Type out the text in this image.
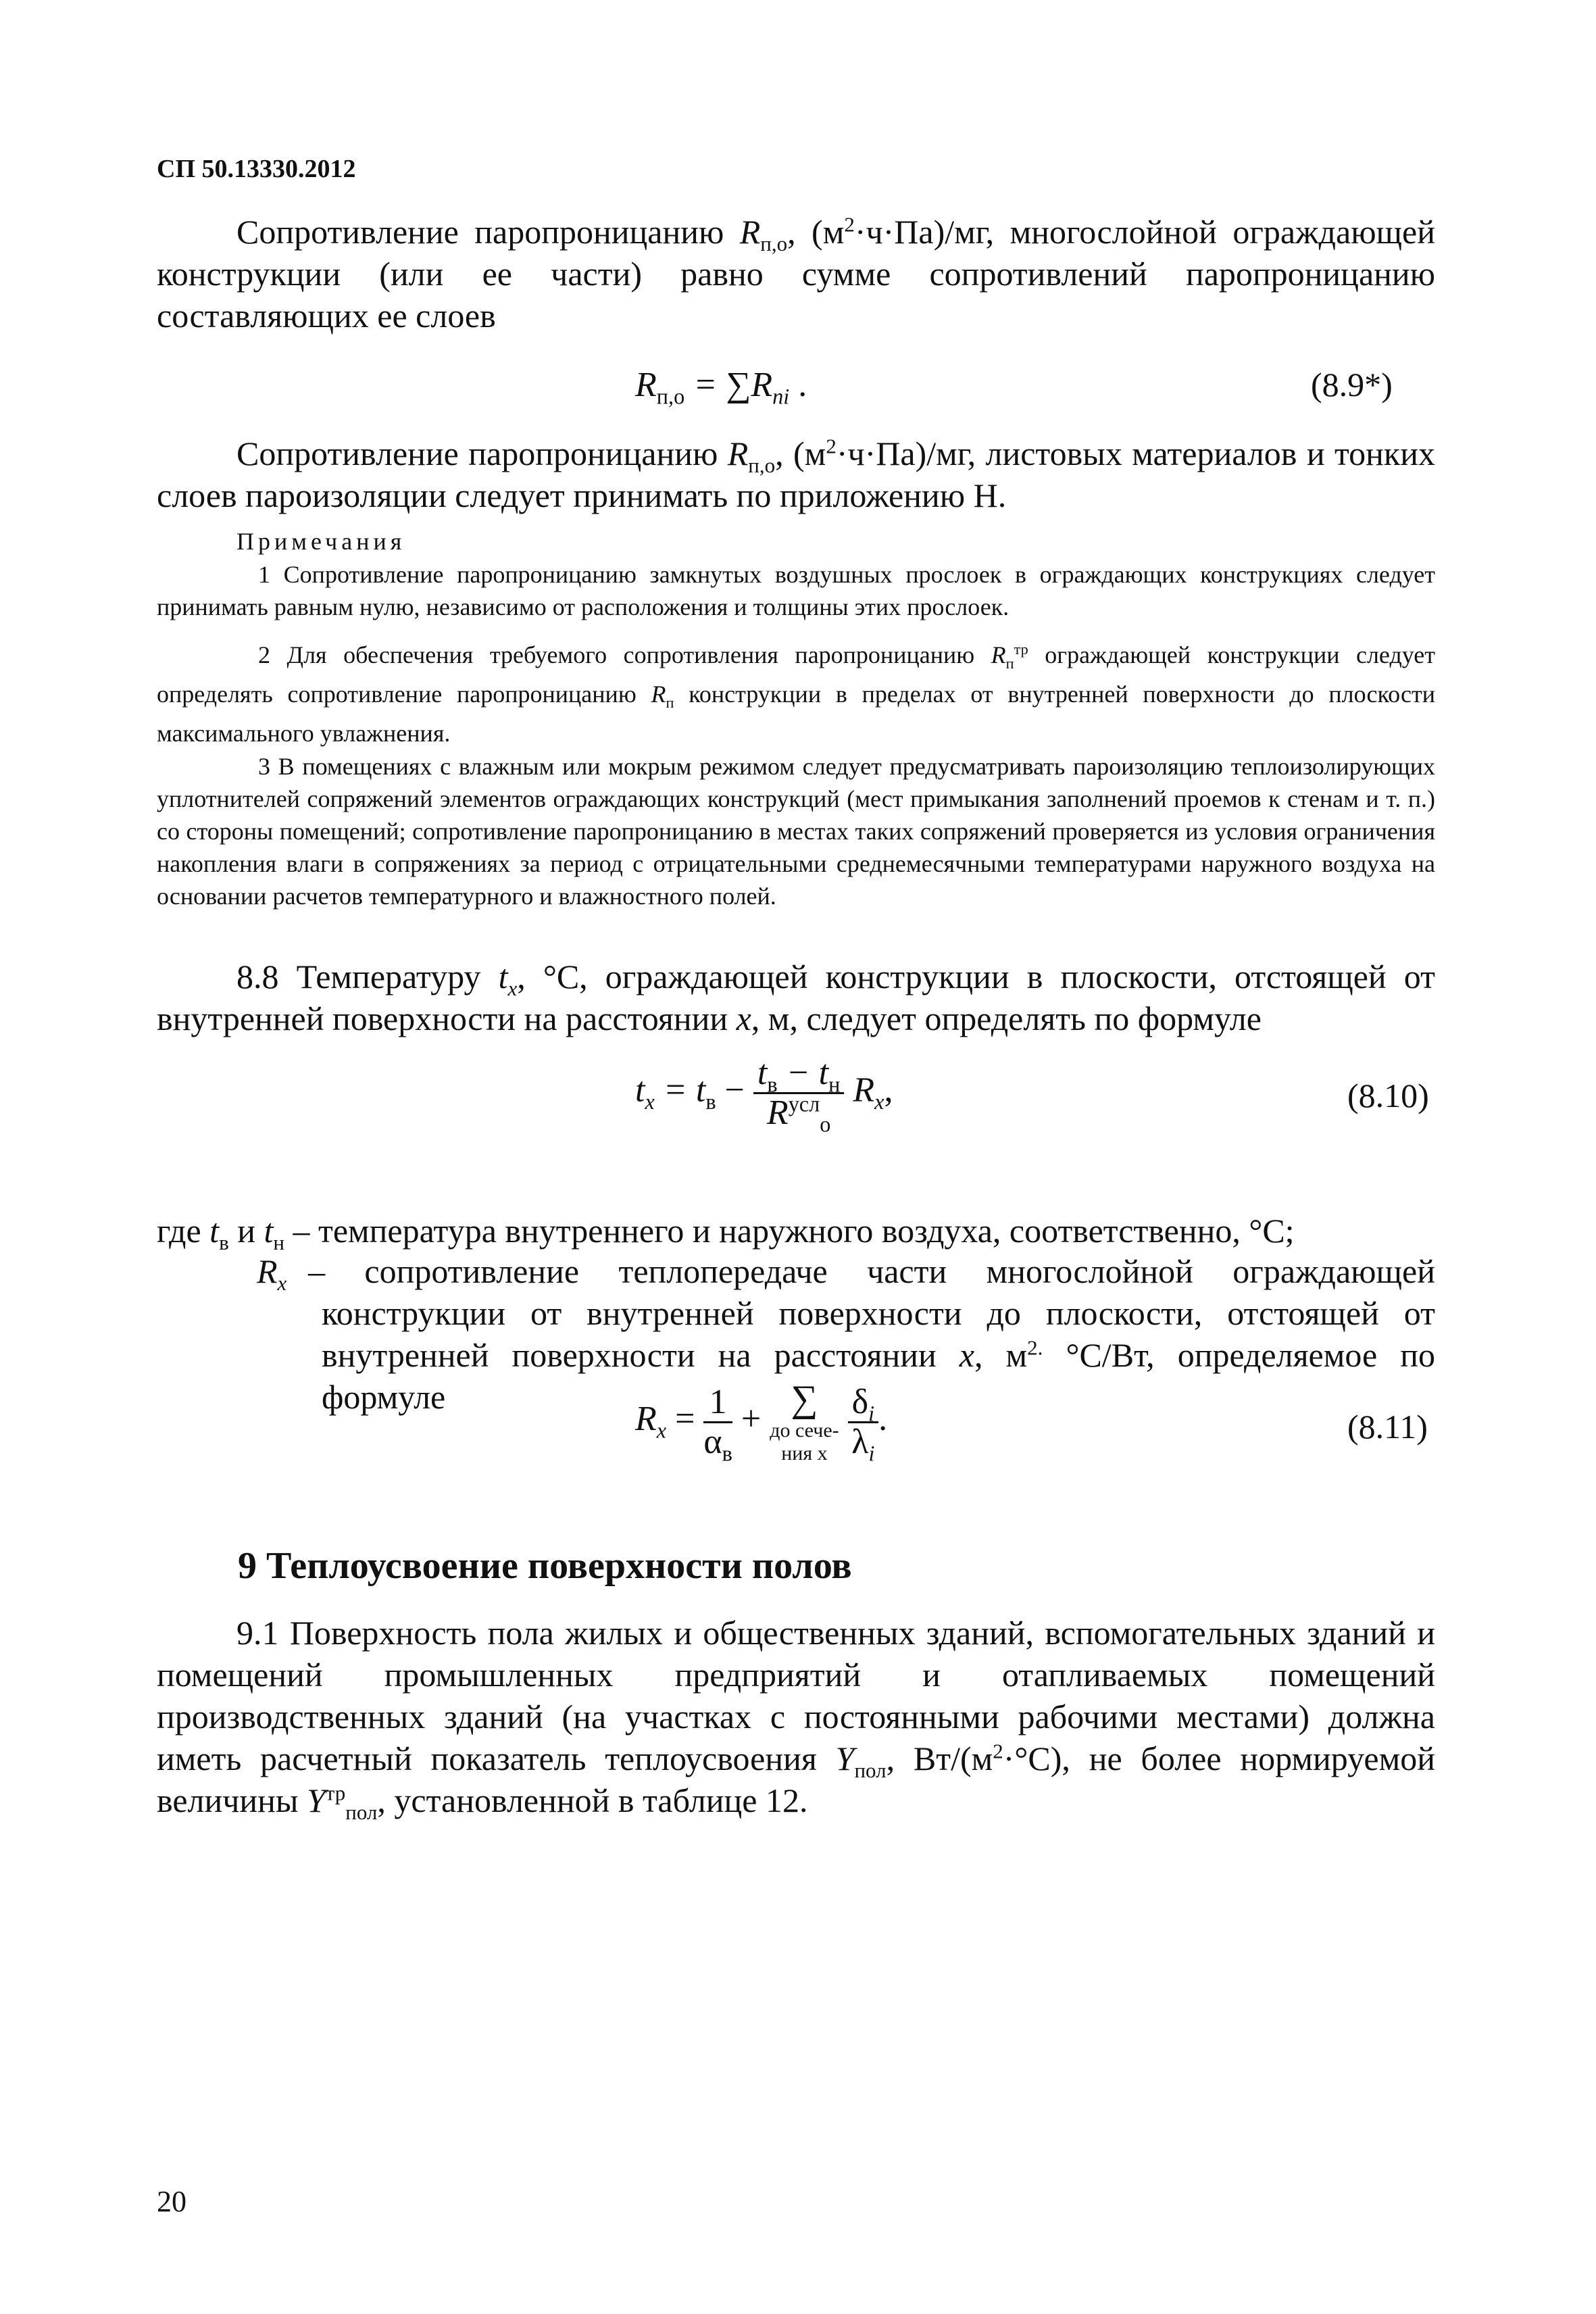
СП 50.13330.2012
Сопротивление паропроницанию $R_{п,о}$, $(м^2\cdot ч\cdot Па)/мг$, многослойной ограждающей конструкции (или ее части) равно сумме сопротивлений паропроницанию составляющих ее слоев
$R_{п,о} = \sum R_{ni}$ .	(8.9*)
Сопротивление паропроницанию $R_{п,о}$, $(м^2\cdot ч\cdot Па)/мг$, листовых материалов и тонких слоев пароизоляции следует принимать по приложению Н.
Примечания
1 Сопротивление паропроницанию замкнутых воздушных прослоек в ограждающих конструкциях следует принимать равным нулю, независимо от расположения и толщины этих прослоек.
2 Для обеспечения требуемого сопротивления паропроницанию $R_п^{тр}$ ограждающей конструкции следует определять сопротивление паропроницанию $R_п$ конструкции в пределах от внутренней поверхности до плоскости максимального увлажнения.
3 В помещениях с влажным или мокрым режимом следует предусматривать пароизоляцию теплоизолирующих уплотнителей сопряжений элементов ограждающих конструкций (мест примыкания заполнений проемов к стенам и т. п.) со стороны помещений; сопротивление паропроницанию в местах таких сопряжений проверяется из условия ограничения накопления влаги в сопряжениях за период с отрицательными среднемесячными температурами наружного воздуха на основании расчетов температурного и влажностного полей.
8.8 Температуру $t_x$, °С, ограждающей конструкции в плоскости, отстоящей от внутренней поверхности на расстоянии x, м, следует определять по формуле
$t_x = t_в - \frac{t_в - t_н}{R^{усл}_о} R_x$,	(8.10)
где $t_в$ и $t_н$ – температура внутреннего и наружного воздуха, соответственно, °С;
$R_x$ – сопротивление теплопередаче части многослойной ограждающей конструкции от внутренней поверхности до плоскости, отстоящей от внутренней поверхности на расстоянии x, $м^{2.}$ °С/Вт, определяемое по формуле
$R_x = \frac{1}{\alpha_в}$ + ∑
до сече-
ния x
$\frac{\delta_i}{\lambda_i}$ .	(8.11)
9 Теплоусвоение поверхности полов
9.1 Поверхность пола жилых и общественных зданий, вспомогательных зданий и помещений промышленных предприятий и отапливаемых помещений производственных зданий (на участках с постоянными рабочими местами) должна иметь расчетный показатель теплоусвоения $Y_{пол}$, $Вт/(м^2\cdot^\circ С)$, не более нормируемой величины $Y^{тр}_{пол}$, установленной в таблице 12.
20
